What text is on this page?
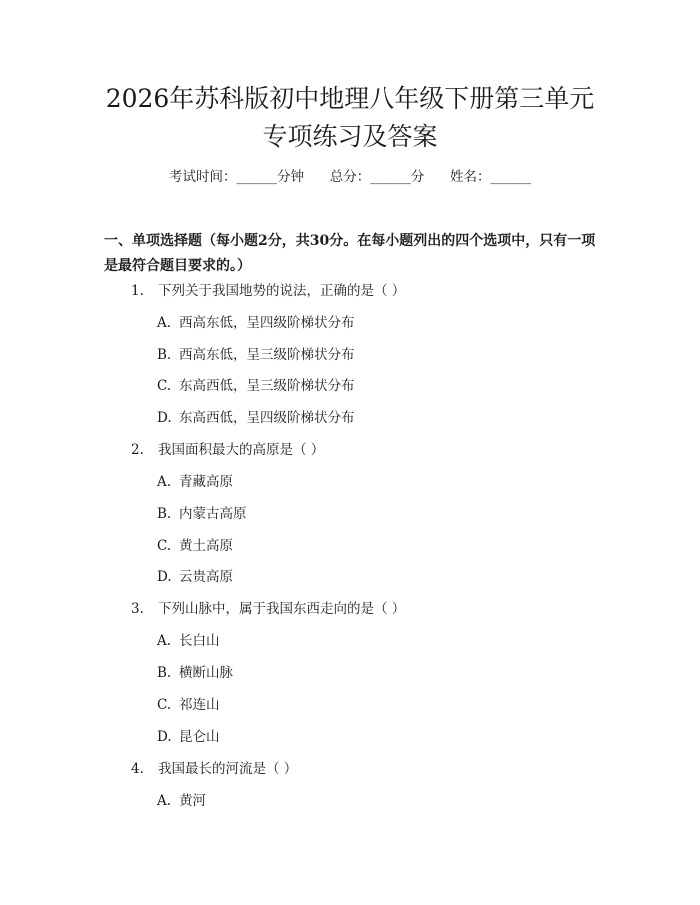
2026年苏科版初中地理八年级下册第三单元
专项练习及答案
考试时间：______分钟      总分：______分      姓名：______

一、单项选择题（每小题2分，共30分。在每小题列出的四个选项中，只有一项是最符合题目要求的。）

1. 下列关于我国地势的说法，正确的是（ ）
A. 西高东低，呈四级阶梯状分布
B. 西高东低，呈三级阶梯状分布
C. 东高西低，呈三级阶梯状分布
D. 东高西低，呈四级阶梯状分布
2. 我国面积最大的高原是（ ）
A. 青藏高原
B. 内蒙古高原
C. 黄土高原
D. 云贵高原
3. 下列山脉中，属于我国东西走向的是（ ）
A. 长白山
B. 横断山脉
C. 祁连山
D. 昆仑山
4. 我国最长的河流是（ ）
A. 黄河
